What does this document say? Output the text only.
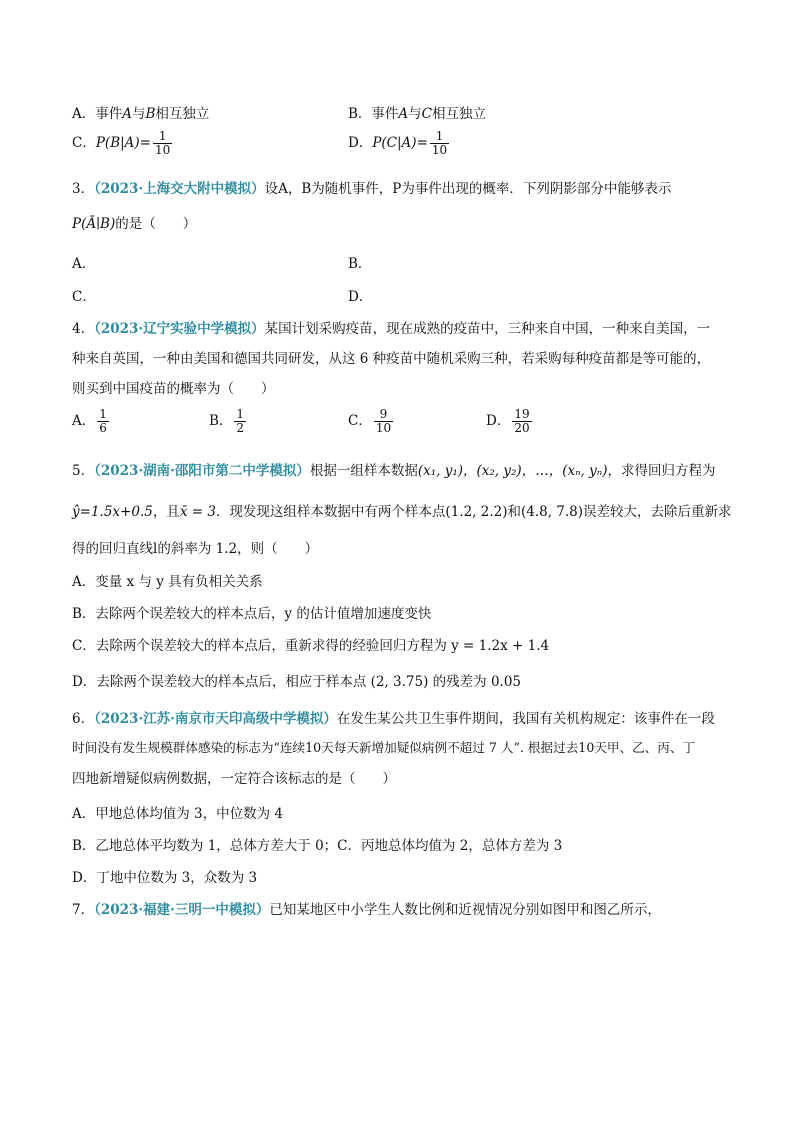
A．事件A与B相互独立	B．事件A与C相互独立
C．$P(B|A)= \frac{1}{10}$	D．$P(C|A)= \frac{1}{10}$
3．（2023·上海交大附中模拟）设A，B为随机事件，P为事件出现的概率．下列阴影部分中能够表示
P(Ā∣B)的是（　　）
A．	B．
C．	D．
4．（2023·辽宁实验中学模拟）某国计划采购疫苗，现在成熟的疫苗中，三种来自中国，一种来自美国，一
种来自英国，一种由美国和德国共同研发，从这 6 种疫苗中随机采购三种，若采购每种疫苗都是等可能的，
则买到中国疫苗的概率为（　　）
A． $\frac{1}{6}$	B． $\frac{1}{2}$	C． $\frac{9}{10}$	D． $\frac{19}{20}$
5．（2023·湖南·邵阳市第二中学模拟）根据一组样本数据(x₁, y₁)，(x₂, y₂)，…，(xₙ, yₙ)，求得回归方程为
ŷ=1.5x+0.5，且x̄ = 3．现发现这组样本数据中有两个样本点(1.2, 2.2)和(4.8, 7.8)误差较大，去除后重新求
得的回归直线l的斜率为 1.2，则（　　）
A．变量 x 与 y 具有负相关关系
B．去除两个误差较大的样本点后，y 的估计值增加速度变快
C．去除两个误差较大的样本点后，重新求得的经验回归方程为 y = 1.2x + 1.4
D．去除两个误差较大的样本点后，相应于样本点 (2, 3.75) 的残差为 0.05
6．（2023·江苏·南京市天印高级中学模拟）在发生某公共卫生事件期间，我国有关机构规定：该事件在一段
时间没有发生规模群体感染的标志为“连续10天每天新增加疑似病例不超过 7 人”. 根据过去10天甲、乙、丙、丁
四地新增疑似病例数据，一定符合该标志的是（　　）
A．甲地总体均值为 3，中位数为 4
B．乙地总体平均数为 1，总体方差大于 0；C．丙地总体均值为 2，总体方差为 3
D．丁地中位数为 3，众数为 3
7．（2023·福建·三明一中模拟）已知某地区中小学生人数比例和近视情况分别如图甲和图乙所示，
